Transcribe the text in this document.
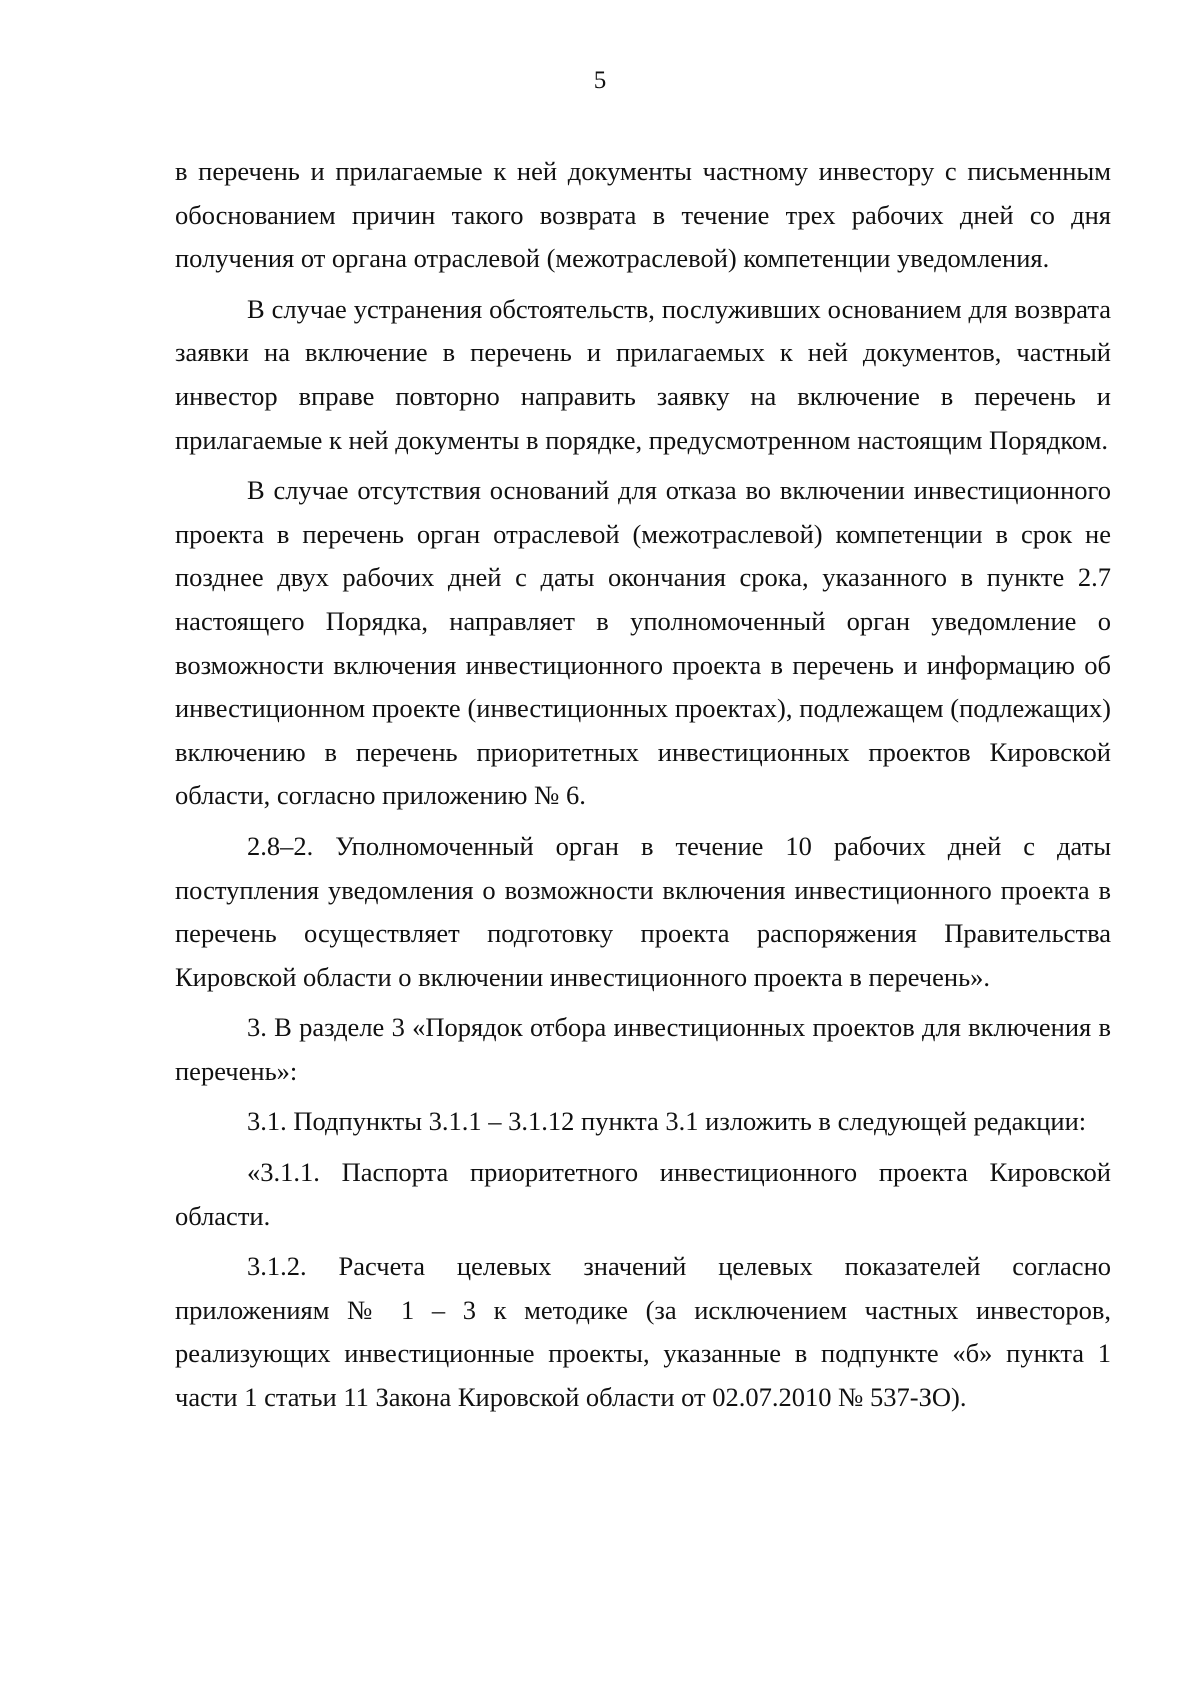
5

в перечень и прилагаемые к ней документы частному инвестору с письменным обоснованием причин такого возврата в течение трех рабочих дней со дня получения от органа отраслевой (межотраслевой) компетенции уведомления.

В случае устранения обстоятельств, послуживших основанием для возврата заявки на включение в перечень и прилагаемых к ней документов, частный инвестор вправе повторно направить заявку на включение в перечень и прилагаемые к ней документы в порядке, предусмотренном настоящим Порядком.

В случае отсутствия оснований для отказа во включении инвестиционного проекта в перечень орган отраслевой (межотраслевой) компетенции в срок не позднее двух рабочих дней с даты окончания срока, указанного в пункте 2.7 настоящего Порядка, направляет в уполномоченный орган уведомление о возможности включения инвестиционного проекта в перечень и информацию об инвестиционном проекте (инвестиционных проектах), подлежащем (подлежащих) включению в перечень приоритетных инвестиционных проектов Кировской области, согласно приложению № 6.

2.8–2. Уполномоченный орган в течение 10 рабочих дней с даты поступления уведомления о возможности включения инвестиционного проекта в перечень осуществляет подготовку проекта распоряжения Правительства Кировской области о включении инвестиционного проекта в перечень».

3. В разделе 3 «Порядок отбора инвестиционных проектов для включения в перечень»:

3.1. Подпункты 3.1.1 – 3.1.12 пункта 3.1 изложить в следующей редакции:

«3.1.1. Паспорта приоритетного инвестиционного проекта Кировской области.

3.1.2. Расчета целевых значений целевых показателей согласно приложениям № 1 – 3 к методике (за исключением частных инвесторов, реализующих инвестиционные проекты, указанные в подпункте «б» пункта 1 части 1 статьи 11 Закона Кировской области от 02.07.2010 № 537-ЗО).
